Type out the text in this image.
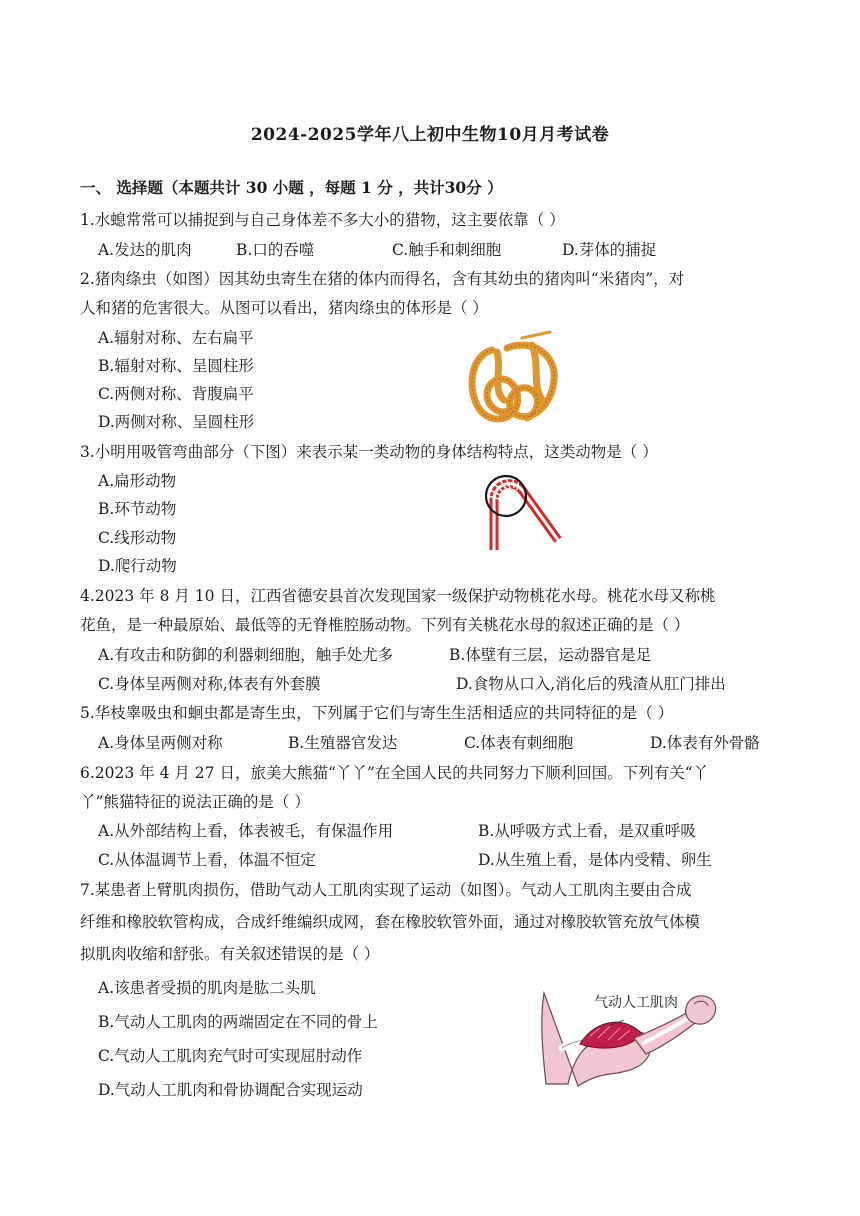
2024-2025学年八上初中生物10月月考试卷
一、 选择题（本题共计 30 小题 ，每题 1 分 ，共计30分 ）
1.水螅常常可以捕捉到与自己身体差不多大小的猎物，这主要依靠（ ）
A.发达的肌肉	B.口的吞噬	C.触手和刺细胞	D.芽体的捕捉
2.猪肉绦虫（如图）因其幼虫寄生在猪的体内而得名，含有其幼虫的猪肉叫“米猪肉”，对
人和猪的危害很大。从图可以看出，猪肉绦虫的体形是（ ）
A.辐射对称、左右扁平
B.辐射对称、呈圆柱形
C.两侧对称、背腹扁平
D.两侧对称、呈圆柱形
3.小明用吸管弯曲部分（下图）来表示某一类动物的身体结构特点，这类动物是（ ）
A.扁形动物
B.环节动物
C.线形动物
D.爬行动物
4.2023 年 8 月 10 日，江西省德安县首次发现国家一级保护动物桃花水母。桃花水母又称桃
花鱼，是一种最原始、最低等的无脊椎腔肠动物。下列有关桃花水母的叙述正确的是（ ）
A.有攻击和防御的利器刺细胞，触手处尤多	B.体壁有三层，运动器官是足
C.身体呈两侧对称,体表有外套膜	D.食物从口入,消化后的残渣从肛门排出
5.华枝睾吸虫和蛔虫都是寄生虫，下列属于它们与寄生生活相适应的共同特征的是（ ）
A.身体呈两侧对称	B.生殖器官发达	C.体表有刺细胞	D.体表有外骨骼
6.2023 年 4 月 27 日，旅美大熊猫“丫丫”在全国人民的共同努力下顺利回国。下列有关“丫
丫”熊猫特征的说法正确的是（ ）
A.从外部结构上看，体表被毛，有保温作用	B.从呼吸方式上看，是双重呼吸
C.从体温调节上看，体温不恒定	D.从生殖上看，是体内受精、卵生
7.某患者上臂肌肉损伤，借助气动人工肌肉实现了运动（如图）。气动人工肌肉主要由合成
纤维和橡胶软管构成，合成纤维编织成网，套在橡胶软管外面，通过对橡胶软管充放气体模
拟肌肉收缩和舒张。有关叙述错误的是（ ）
A.该患者受损的肌肉是肱二头肌
B.气动人工肌肉的两端固定在不同的骨上
C.气动人工肌肉充气时可实现屈肘动作
D.气动人工肌肉和骨协调配合实现运动
气动人工肌肉
